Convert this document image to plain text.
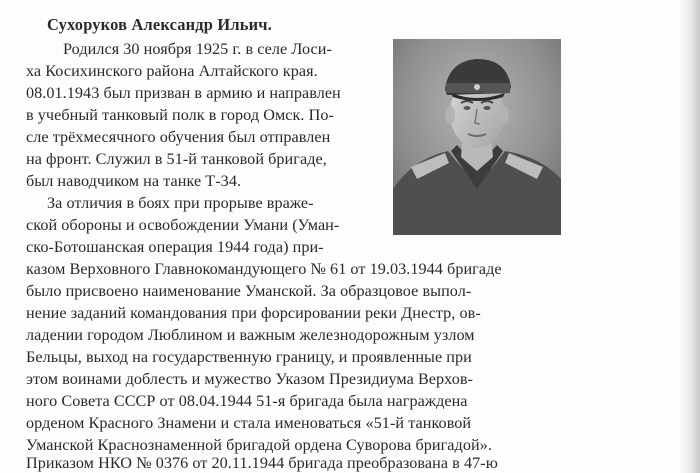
Сухоруков Александр Ильич.
Родился 30 ноября 1925 г. в селе Лоси-
ха Косихинского района Алтайского края.
08.01.1943 был призван в армию и направлен
в учебный танковый полк в город Омск. По-
сле трёхмесячного обучения был отправлен
на фронт. Служил в 51-й танковой бригаде,
был наводчиком на танке Т-34.
За отличия в боях при прорыве враже-
ской обороны и освобождении Умани (Уман-
ско-Ботошанская операция 1944 года) при-
казом Верховного Главнокомандующего № 61 от 19.03.1944 бригаде
было присвоено наименование Уманской. За образцовое выпол-
нение заданий командования при форсировании реки Днестр, ов-
ладении городом Люблином и важным железнодорожным узлом
Бельцы, выход на государственную границу, и проявленные при
этом воинами доблесть и мужество Указом Президиума Верхов-
ного Совета СССР от 08.04.1944 51-я бригада была награждена
орденом Красного Знамени и стала именоваться «51-й танковой
Уманской Краснознаменной бригадой ордена Суворова бригадой».
Приказом НКО № 0376 от 20.11.1944 бригада преобразована в 47-ю
